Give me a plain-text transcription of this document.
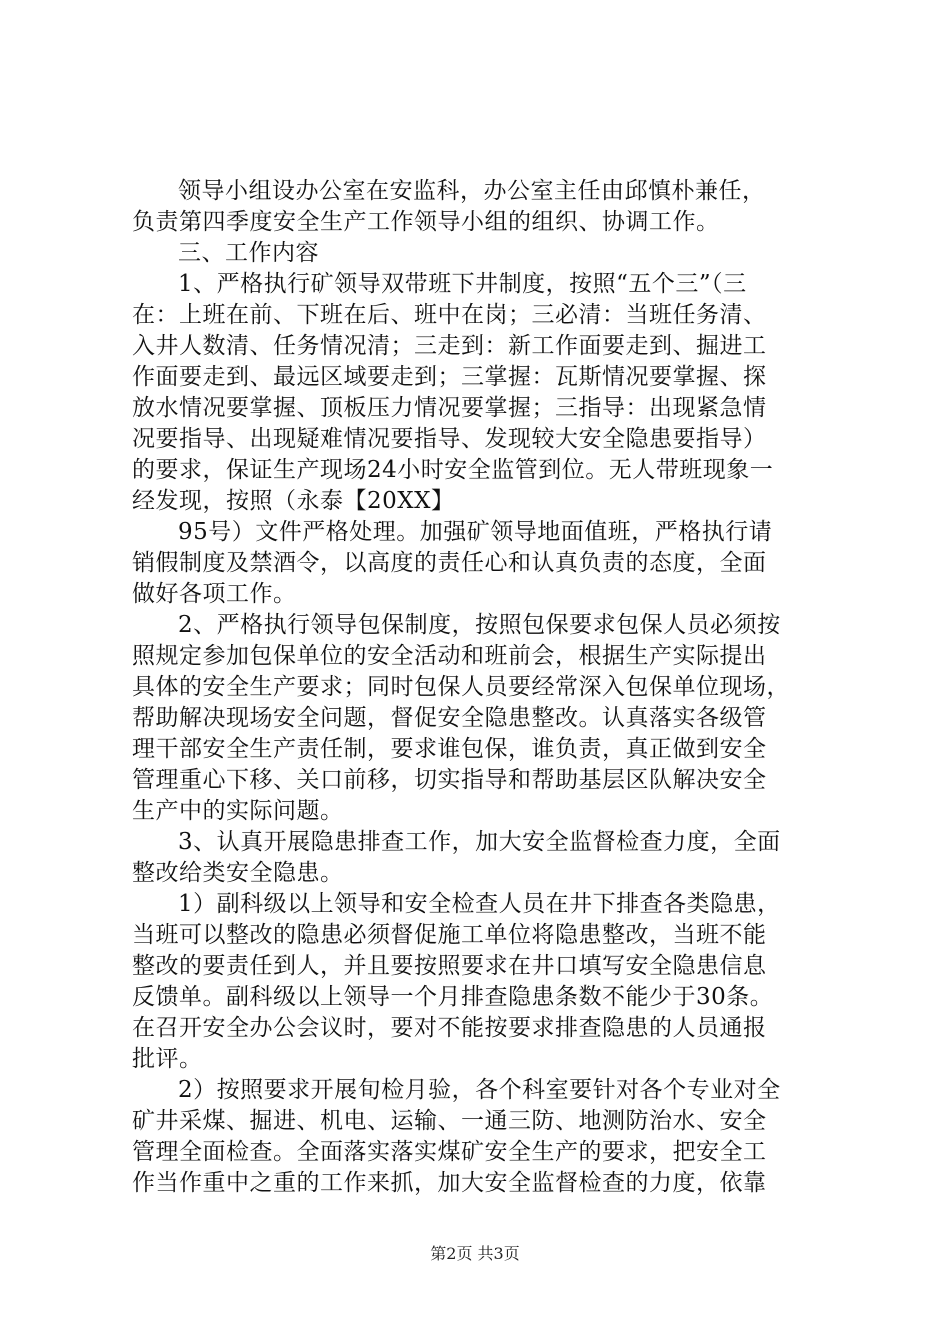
领导小组设办公室在安监科，办公室主任由邱慎朴兼任，
负责第四季度安全生产工作领导小组的组织、协调工作。
三、工作内容
1、严格执行矿领导双带班下井制度，按照“五个三”（三
在：上班在前、下班在后、班中在岗；三必清：当班任务清、
入井人数清、任务情况清；三走到：新工作面要走到、掘进工
作面要走到、最远区域要走到；三掌握：瓦斯情况要掌握、探
放水情况要掌握、顶板压力情况要掌握；三指导：出现紧急情
况要指导、出现疑难情况要指导、发现较大安全隐患要指导）
的要求，保证生产现场24小时安全监管到位。无人带班现象一
经发现，按照（永泰【20XX】
95号）文件严格处理。加强矿领导地面值班，严格执行请
销假制度及禁酒令，以高度的责任心和认真负责的态度，全面
做好各项工作。
2、严格执行领导包保制度，按照包保要求包保人员必须按
照规定参加包保单位的安全活动和班前会，根据生产实际提出
具体的安全生产要求；同时包保人员要经常深入包保单位现场，
帮助解决现场安全问题，督促安全隐患整改。认真落实各级管
理干部安全生产责任制，要求谁包保，谁负责，真正做到安全
管理重心下移、关口前移，切实指导和帮助基层区队解决安全
生产中的实际问题。
3、认真开展隐患排查工作，加大安全监督检查力度，全面
整改给类安全隐患。
1）副科级以上领导和安全检查人员在井下排查各类隐患，
当班可以整改的隐患必须督促施工单位将隐患整改，当班不能
整改的要责任到人，并且要按照要求在井口填写安全隐患信息
反馈单。副科级以上领导一个月排查隐患条数不能少于30条。
在召开安全办公会议时，要对不能按要求排查隐患的人员通报
批评。
2）按照要求开展旬检月验，各个科室要针对各个专业对全
矿井采煤、掘进、机电、运输、一通三防、地测防治水、安全
管理全面检查。全面落实落实煤矿安全生产的要求，把安全工
作当作重中之重的工作来抓，加大安全监督检查的力度，依靠
第2页 共3页
